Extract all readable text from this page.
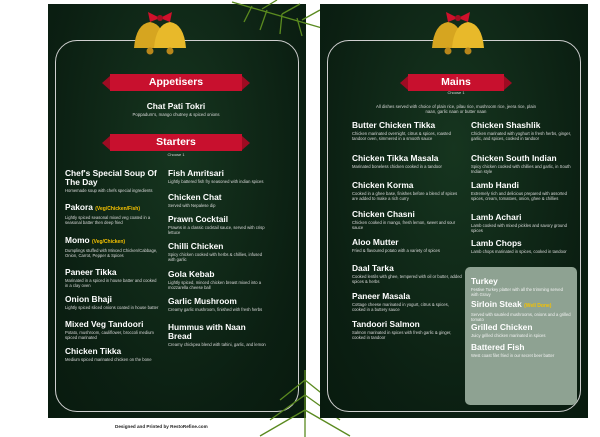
Appetisers
Chat Pati Tokri
Poppadum's, mango chutney & spiced onions
Starters
Choose 1
Chef's Special Soup Of The Day
Homemade soup with chefs special ingredients
Pakora (Veg/Chicken/Fish)
Lightly spiced seasonal mixed veg coated in a seasonal batter then deep fried
Momo (Veg/Chicken)
Dumplings stuffed with Minced Chicken/Cabbage, Onion, Carrot, Pepper & Spices
Paneer Tikka
Marinated in a spiced in house batter and cooked in a clay oven
Onion Bhaji
Lightly spiced sliced onions coated in house batter
Mixed Veg Tandoori
Potato, mushroom, cauliflower, broccoli medium spiced marinated
Chicken Tikka
Medium spiced marinated chicken on the bone
Fish Amritsari
Lightly battered fish fry seasoned with indian spices
Chicken Chat
Served with Nepalese dip
Prawn Cocktail
Prawns in a classic cocktail sauce, served with crisp lettuce
Chilli Chicken
Spicy chicken cooked with herbs & chillies, infused with garlic
Gola Kebab
Lightly spiced, minced chicken breast mixed into a mozzarella cheese ball
Garlic Mushroom
Creamy garlic mushroom, finished with fresh herbs
Hummus with Naan Bread
Creamy chickpea blend with tahini, garlic, and lemon
Mains
Choose 1
All dishes served with choice of plain rice, pilau rice, mushroom rice, jeera rice, plain naan, garlic naan or butter naan
Butter Chicken Tikka
Chicken marinated overnight, citrus & spices, roasted tandoor oven, simmered in a smooth sauce
Chicken Tikka Masala
Marinated boneless chicken cooked in a tandoor
Chicken Korma
Cooked in a ghee base, finishes before a blend of spices are added to make a rich curry
Chicken Chasni
Chicken cooked in mango, fresh lemon, sweet and sour sauce
Aloo Mutter
Fried & flavoured potato with a variety of spices
Daal Tarka
Cooked lentils with ghee, tempered with oil or butter, added spices & herbs
Paneer Masala
Cottage cheese marinated in yogurt, citrus & spices, cooked in a buttery sauce
Tandoori Salmon
Salmon marinated in spices with fresh garlic & ginger, cooked in tandoor
Chicken Shashlik
Chicken marinated with yoghurt in fresh herbs, ginger, garlic, and spices, cooked in tandoor
Chicken South Indian
Spicy chicken cooked with chillies and garlic, in South Indian style
Lamb Handi
Extremely rich and delicious prepared with assorted spices, cream, tomatoes, onion, ghee & chillies
Lamb Achari
Lamb cooked with mixed pickles and savory ground spices
Lamb Chops
Lamb chops marinated in spices, cooked in tandoor
Turkey
Festive Turkey platter with all the trimming served with Gravy
Sirloin Steak (Well Done)
Served with sautéed mushrooms, onions and a grilled tomato
Grilled Chicken
Juicy grilled chicken marinated in spices
Battered Fish
West coast filet fried in our secret beer batter
Designed and Printed by RestoRefine.com
